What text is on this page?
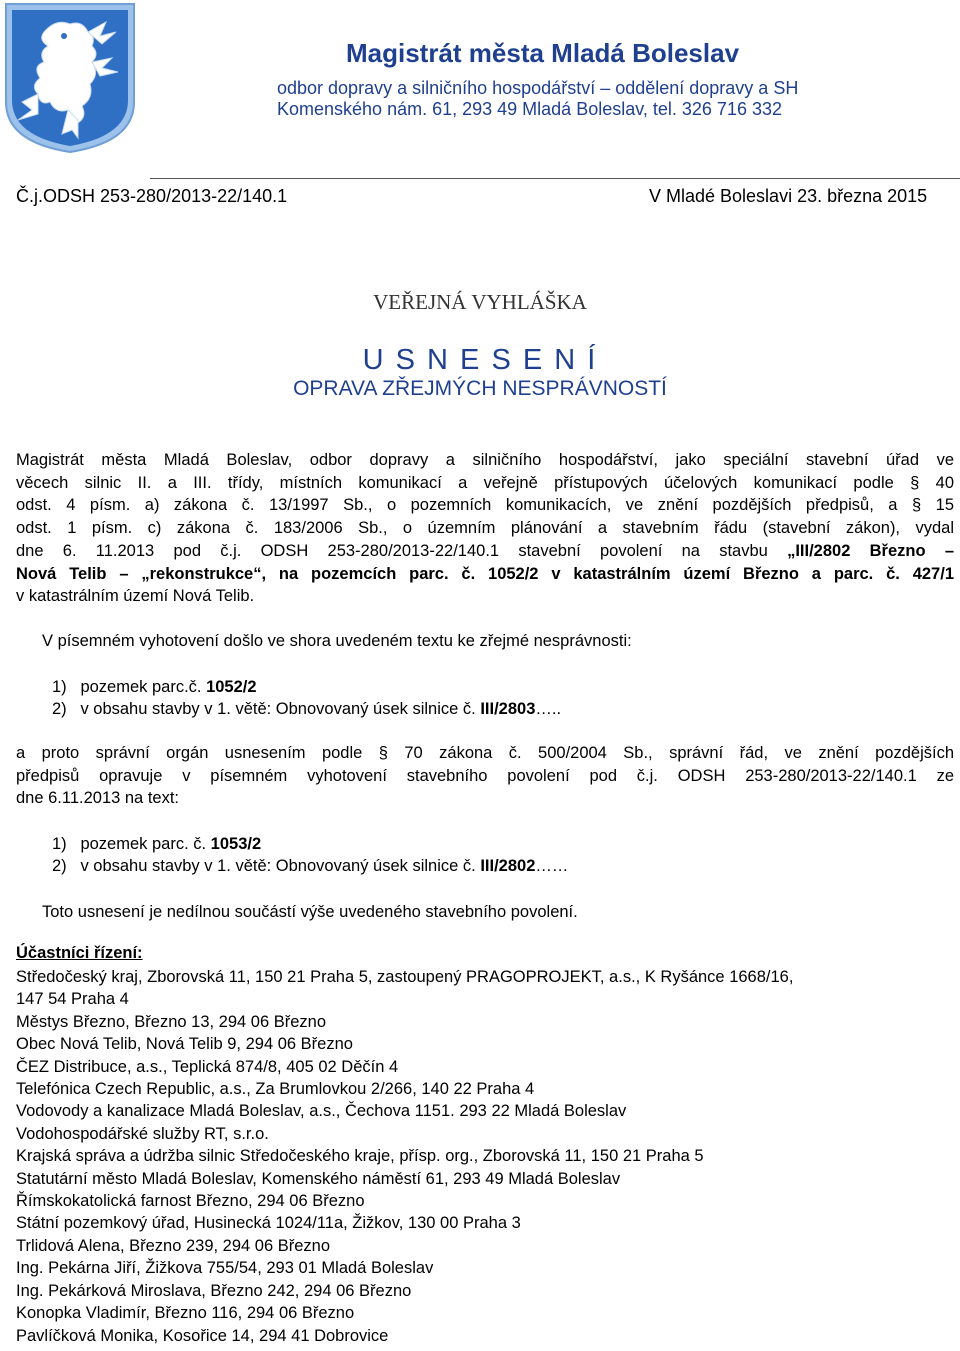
Magistrát města Mladá Boleslav
odbor dopravy a silničního hospodářství – oddělení dopravy a SH
Komenského nám. 61, 293 49 Mladá Boleslav, tel. 326 716 332
Č.j.ODSH 253-280/2013-22/140.1	V Mladé Boleslavi 23. března 2015
VEŘEJNÁ VYHLÁŠKA
U S N E S E N Í
OPRAVA ZŘEJMÝCH NESPRÁVNOSTÍ
Magistrát města Mladá Boleslav, odbor dopravy a silničního hospodářství, jako speciální stavební úřad ve
věcech silnic II. a III. třídy, místních komunikací a veřejně přístupových účelových komunikací podle § 40
odst. 4 písm. a) zákona č. 13/1997 Sb., o pozemních komunikacích, ve znění pozdějších předpisů, a § 15
odst. 1 písm. c) zákona č. 183/2006 Sb., o územním plánování a stavebním řádu (stavební zákon), vydal
dne 6. 11.2013 pod č.j. ODSH 253-280/2013-22/140.1 stavební povolení na stavbu „III/2802 Březno –
Nová Telib – „rekonstrukce“, na pozemcích parc. č. 1052/2 v katastrálním území Březno a parc. č. 427/1
v katastrálním území Nová Telib.
V písemném vyhotovení došlo ve shora uvedeném textu ke zřejmé nesprávnosti:
1) pozemek parc.č. 1052/2
2) v obsahu stavby v 1. větě: Obnovovaný úsek silnice č. III/2803…..
a proto správní orgán usnesením podle § 70 zákona č. 500/2004 Sb., správní řád, ve znění pozdějších
předpisů opravuje v písemném vyhotovení stavebního povolení pod č.j. ODSH 253-280/2013-22/140.1 ze
dne 6.11.2013 na text:
1) pozemek parc. č. 1053/2
2) v obsahu stavby v 1. větě: Obnovovaný úsek silnice č. III/2802……
Toto usnesení je nedílnou součástí výše uvedeného stavebního povolení.
Účastníci řízení:
Středočeský kraj, Zborovská 11, 150 21 Praha 5, zastoupený PRAGOPROJEKT, a.s., K Ryšánce 1668/16,
147 54 Praha 4
Městys Březno, Březno 13, 294 06 Březno
Obec Nová Telib, Nová Telib 9, 294 06 Březno
ČEZ Distribuce, a.s., Teplická 874/8, 405 02 Děčín 4
Telefónica Czech Republic, a.s., Za Brumlovkou 2/266, 140 22 Praha 4
Vodovody a kanalizace Mladá Boleslav, a.s., Čechova 1151. 293 22 Mladá Boleslav
Vodohospodářské služby RT, s.r.o.
Krajská správa a údržba silnic Středočeského kraje, přísp. org., Zborovská 11, 150 21 Praha 5
Statutární město Mladá Boleslav, Komenského náměstí 61, 293 49 Mladá Boleslav
Římskokatolická farnost Březno, 294 06 Březno
Státní pozemkový úřad, Husinecká 1024/11a, Žižkov, 130 00 Praha 3
Trlidová Alena, Březno 239, 294 06 Březno
Ing. Pekárna Jiří, Žižkova 755/54, 293 01 Mladá Boleslav
Ing. Pekárková Miroslava, Březno 242, 294 06 Březno
Konopka Vladimír, Březno 116, 294 06 Březno
Pavlíčková Monika, Kosořice 14, 294 41 Dobrovice
